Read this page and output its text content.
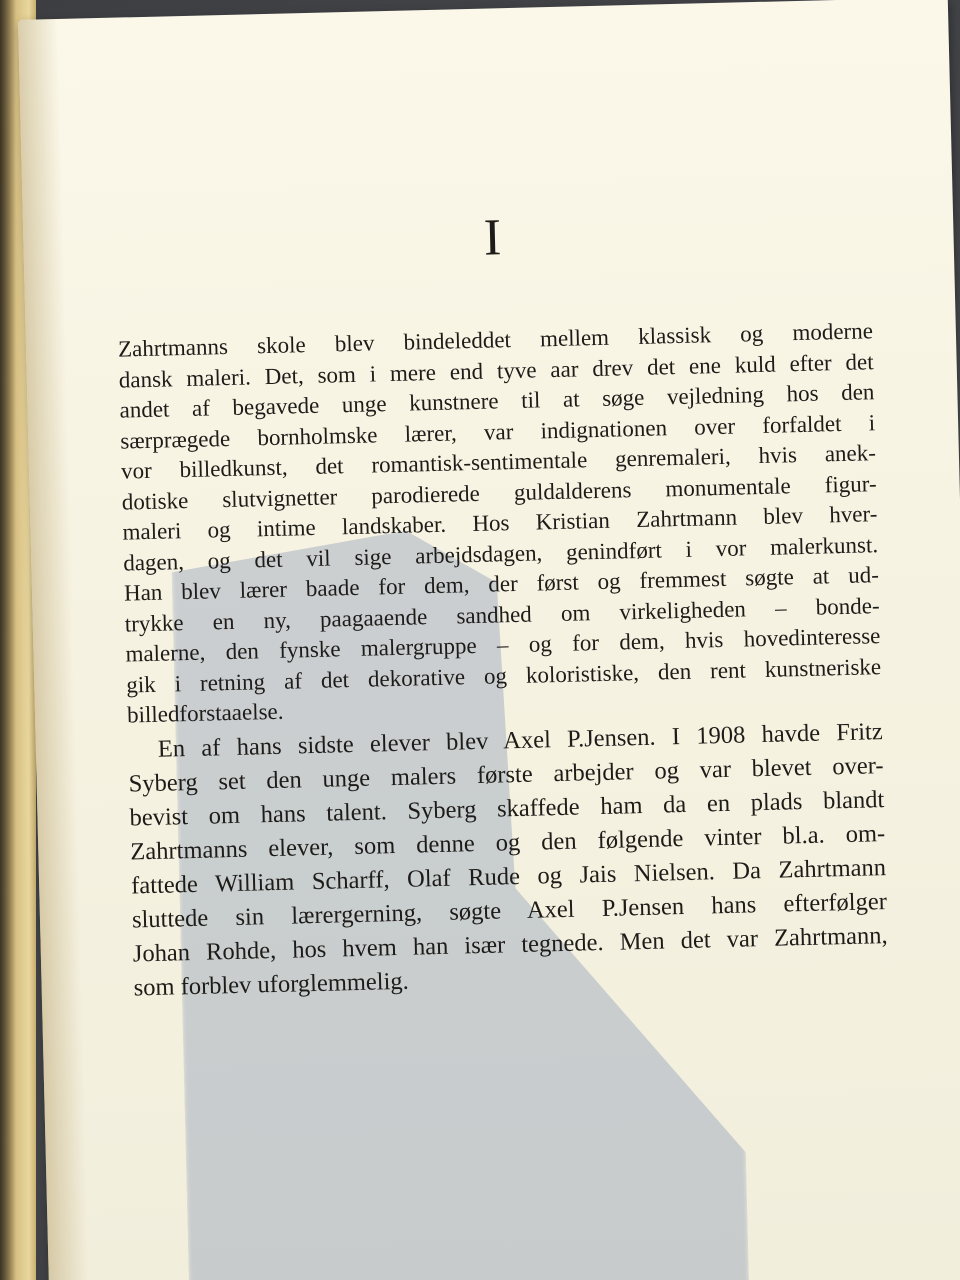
I

Zahrtmanns skole blev bindeleddet mellem klassisk og moderne
dansk maleri. Det, som i mere end tyve aar drev det ene kuld efter det
andet af begavede unge kunstnere til at søge vejledning hos den
særprægede bornholmske lærer, var indignationen over forfaldet i
vor billedkunst, det romantisk-sentimentale genremaleri, hvis anek-
dotiske slutvignetter parodierede guldalderens monumentale figur-
maleri og intime landskaber. Hos Kristian Zahrtmann blev hver-
dagen, og det vil sige arbejdsdagen, genindført i vor malerkunst.
Han blev lærer baade for dem, der først og fremmest søgte at ud-
trykke en ny, paagaaende sandhed om virkeligheden – bonde-
malerne, den fynske malergruppe – og for dem, hvis hovedinteresse
gik i retning af det dekorative og koloristiske, den rent kunstneriske
billedforstaaelse.

En af hans sidste elever blev Axel P.Jensen. I 1908 havde Fritz
Syberg set den unge malers første arbejder og var blevet over-
bevist om hans talent. Syberg skaffede ham da en plads blandt
Zahrtmanns elever, som denne og den følgende vinter bl.a. om-
fattede William Scharff, Olaf Rude og Jais Nielsen. Da Zahrtmann
sluttede sin lærergerning, søgte Axel P.Jensen hans efterfølger
Johan Rohde, hos hvem han især tegnede. Men det var Zahrtmann,
som forblev uforglemmelig.
